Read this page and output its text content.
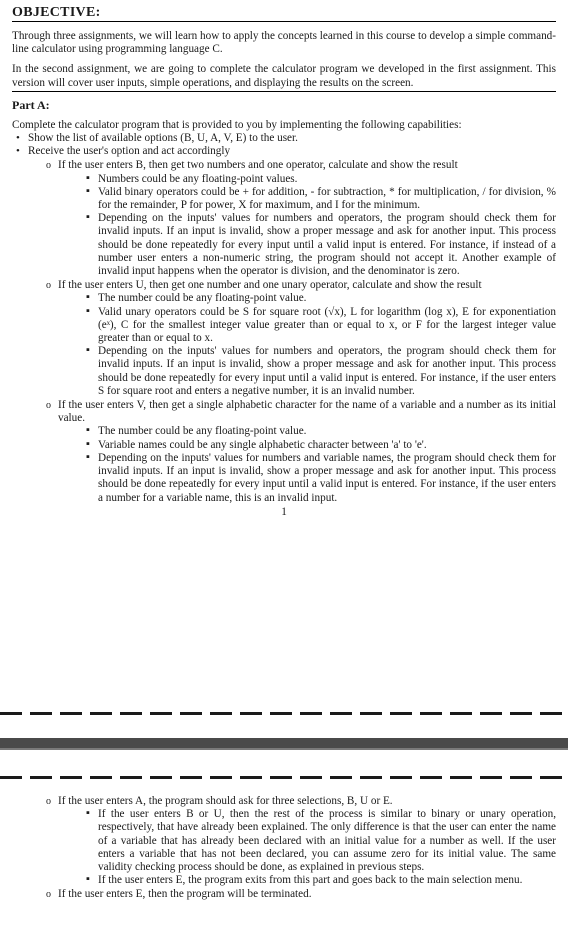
OBJECTIVE:

Through three assignments, we will learn how to apply the concepts learned in this course to develop a simple command-line calculator using programming language C.

In the second assignment, we are going to complete the calculator program we developed in the first assignment. This version will cover user inputs, simple operations, and displaying the results on the screen.

Part A:

Complete the calculator program that is provided to you by implementing the following capabilities:

• Show the list of available options (B, U, A, V, E) to the user.
• Receive the user's option and act accordingly
o If the user enters B, then get two numbers and one operator, calculate and show the result
▪ Numbers could be any floating-point values.
▪ Valid binary operators could be + for addition, - for subtraction, * for multiplication, / for division, % for the remainder, P for power, X for maximum, and I for the minimum.
▪ Depending on the inputs' values for numbers and operators, the program should check them for invalid inputs. If an input is invalid, show a proper message and ask for another input. This process should be done repeatedly for every input until a valid input is entered. For instance, if instead of a number user enters a non-numeric string, the program should not accept it. Another example of invalid input happens when the operator is division, and the denominator is zero.
o If the user enters U, then get one number and one unary operator, calculate and show the result
▪ The number could be any floating-point value.
▪ Valid unary operators could be S for square root (√x), L for logarithm (log x), E for exponentiation (eˣ), C for the smallest integer value greater than or equal to x, or F for the largest integer value greater than or equal to x.
▪ Depending on the inputs' values for numbers and operators, the program should check them for invalid inputs. If an input is invalid, show a proper message and ask for another input. This process should be done repeatedly for every input until a valid input is entered. For instance, if the user enters S for square root and enters a negative number, it is an invalid number.
o If the user enters V, then get a single alphabetic character for the name of a variable and a number as its initial value.
▪ The number could be any floating-point value.
▪ Variable names could be any single alphabetic character between 'a' to 'e'.
▪ Depending on the inputs' values for numbers and variable names, the program should check them for invalid inputs. If an input is invalid, show a proper message and ask for another input. This process should be done repeatedly for every input until a valid input is entered. For instance, if the user enters a number for a variable name, this is an invalid input.
1
o If the user enters A, the program should ask for three selections, B, U or E.
▪ If the user enters B or U, then the rest of the process is similar to binary or unary operation, respectively, that have already been explained. The only difference is that the user can enter the name of a variable that has already been declared with an initial value for a number as well. If the user enters a variable that has not been declared, you can assume zero for its initial value. The same validity checking process should be done, as explained in previous steps.
▪ If the user enters E, the program exits from this part and goes back to the main selection menu.
o If the user enters E, then the program will be terminated.
